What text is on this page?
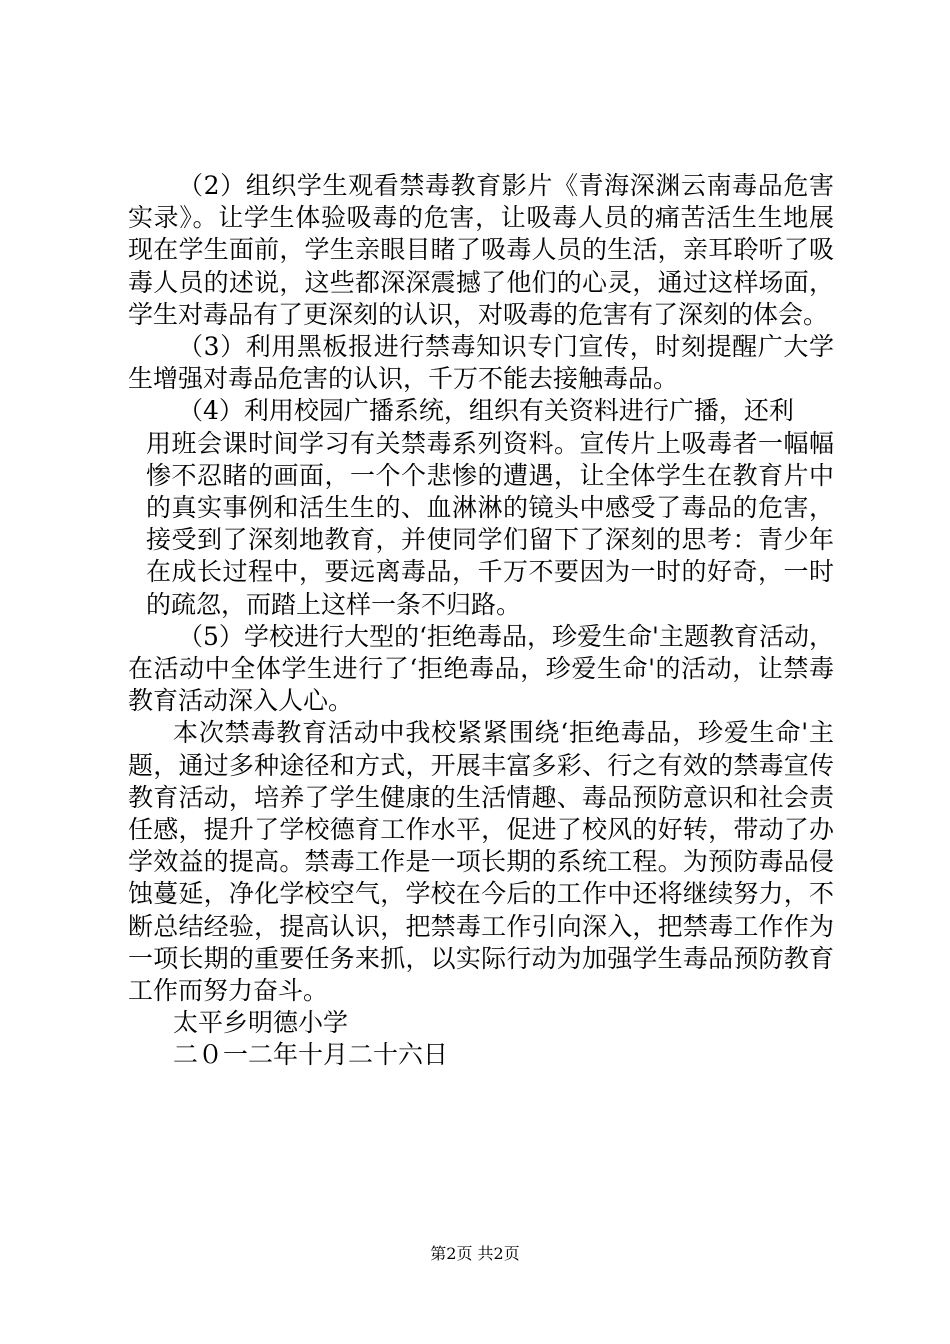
（2）组织学生观看禁毒教育影片《青海深渊云南毒品危害实录》。让学生体验吸毒的危害，让吸毒人员的痛苦活生生地展现在学生面前，学生亲眼目睹了吸毒人员的生活，亲耳聆听了吸毒人员的述说，这些都深深震撼了他们的心灵，通过这样场面，学生对毒品有了更深刻的认识，对吸毒的危害有了深刻的体会。

（3）利用黑板报进行禁毒知识专门宣传，时刻提醒广大学生增强对毒品危害的认识，千万不能去接触毒品。

（4）利用校园广播系统，组织有关资料进行广播，还利
用班会课时间学习有关禁毒系列资料。宣传片上吸毒者一幅幅惨不忍睹的画面，一个个悲惨的遭遇，让全体学生在教育片中的真实事例和活生生的、血淋淋的镜头中感受了毒品的危害，接受到了深刻地教育，并使同学们留下了深刻的思考：青少年在成长过程中，要远离毒品，千万不要因为一时的好奇，一时的疏忽，而踏上这样一条不归路。

（5）学校进行大型的‘拒绝毒品，珍爱生命'主题教育活动，在活动中全体学生进行了‘拒绝毒品，珍爱生命'的活动，让禁毒教育活动深入人心。

本次禁毒教育活动中我校紧紧围绕‘拒绝毒品，珍爱生命'主题，通过多种途径和方式，开展丰富多彩、行之有效的禁毒宣传教育活动，培养了学生健康的生活情趣、毒品预防意识和社会责任感，提升了学校德育工作水平，促进了校风的好转，带动了办学效益的提高。禁毒工作是一项长期的系统工程。为预防毒品侵蚀蔓延，净化学校空气，学校在今后的工作中还将继续努力，不断总结经验，提高认识，把禁毒工作引向深入，把禁毒工作作为一项长期的重要任务来抓，以实际行动为加强学生毒品预防教育工作而努力奋斗。

太平乡明德小学

二０一二年十月二十六日

第2页 共2页
